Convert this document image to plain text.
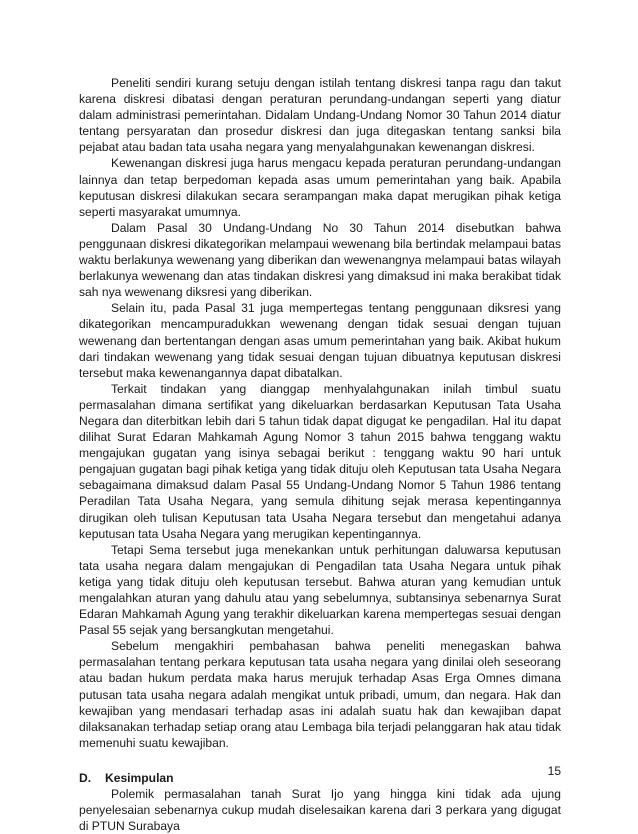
Peneliti sendiri kurang setuju dengan istilah tentang diskresi tanpa ragu dan takut karena diskresi dibatasi dengan peraturan perundang-undangan seperti yang diatur dalam administrasi pemerintahan. Didalam Undang-Undang Nomor 30 Tahun 2014 diatur tentang persyaratan dan prosedur diskresi dan juga ditegaskan tentang sanksi bila pejabat atau badan tata usaha negara yang menyalahgunakan kewenangan diskresi.

Kewenangan diskresi juga harus mengacu kepada peraturan perundang-undangan lainnya dan tetap berpedoman kepada asas umum pemerintahan yang baik. Apabila keputusan diskresi dilakukan secara serampangan maka dapat merugikan pihak ketiga seperti masyarakat umumnya.

Dalam Pasal 30 Undang-Undang No 30 Tahun 2014 disebutkan bahwa penggunaan diskresi dikategorikan melampaui wewenang bila bertindak melampaui batas waktu berlakunya wewenang yang diberikan dan wewenangnya melampaui batas wilayah berlakunya wewenang dan atas tindakan diskresi yang dimaksud ini maka berakibat tidak sah nya wewenang diksresi yang diberikan.

Selain itu, pada Pasal 31 juga mempertegas tentang penggunaan diksresi yang dikategorikan mencampuradukkan wewenang dengan tidak sesuai dengan tujuan wewenang dan bertentangan dengan asas umum pemerintahan yang baik. Akibat hukum dari tindakan wewenang yang tidak sesuai dengan tujuan dibuatnya keputusan diskresi tersebut maka kewenangannya dapat dibatalkan.

Terkait tindakan yang dianggap menhyalahgunakan inilah timbul suatu permasalahan dimana sertifikat yang dikeluarkan berdasarkan Keputusan Tata Usaha Negara dan diterbitkan lebih dari 5 tahun tidak dapat digugat ke pengadilan. Hal itu dapat dilihat Surat Edaran Mahkamah Agung Nomor 3 tahun 2015 bahwa tenggang waktu mengajukan gugatan yang isinya sebagai berikut : tenggang waktu 90 hari untuk pengajuan gugatan bagi pihak ketiga yang tidak dituju oleh Keputusan tata Usaha Negara sebagaimana dimaksud dalam Pasal 55 Undang-Undang Nomor 5 Tahun 1986 tentang Peradilan Tata Usaha Negara, yang semula dihitung sejak merasa kepentingannya dirugikan oleh tulisan Keputusan tata Usaha Negara tersebut dan mengetahui adanya keputusan tata Usaha Negara yang merugikan kepentingannya.

Tetapi Sema tersebut juga menekankan untuk perhitungan daluwarsa keputusan tata usaha negara dalam mengajukan di Pengadilan tata Usaha Negara untuk pihak ketiga yang tidak dituju oleh keputusan tersebut. Bahwa aturan yang kemudian untuk mengalahkan aturan yang dahulu atau yang sebelumnya, subtansinya sebenarnya Surat Edaran Mahkamah Agung yang terakhir dikeluarkan karena mempertegas sesuai dengan Pasal 55 sejak yang bersangkutan mengetahui.

Sebelum mengakhiri pembahasan bahwa peneliti menegaskan bahwa permasalahan tentang perkara keputusan tata usaha negara yang dinilai oleh seseorang atau badan hukum perdata maka harus merujuk terhadap Asas Erga Omnes dimana putusan tata usaha negara adalah mengikat untuk pribadi, umum, dan negara. Hak dan kewajiban yang mendasari terhadap asas ini adalah suatu hak dan kewajiban dapat dilaksanakan terhadap setiap orang atau Lembaga bila terjadi pelanggaran hak atau tidak memenuhi suatu kewajiban.

D. Kesimpulan

Polemik permasalahan tanah Surat Ijo yang hingga kini tidak ada ujung penyelesaian sebenarnya cukup mudah diselesaikan karena dari 3 perkara yang digugat di PTUN Surabaya

15
